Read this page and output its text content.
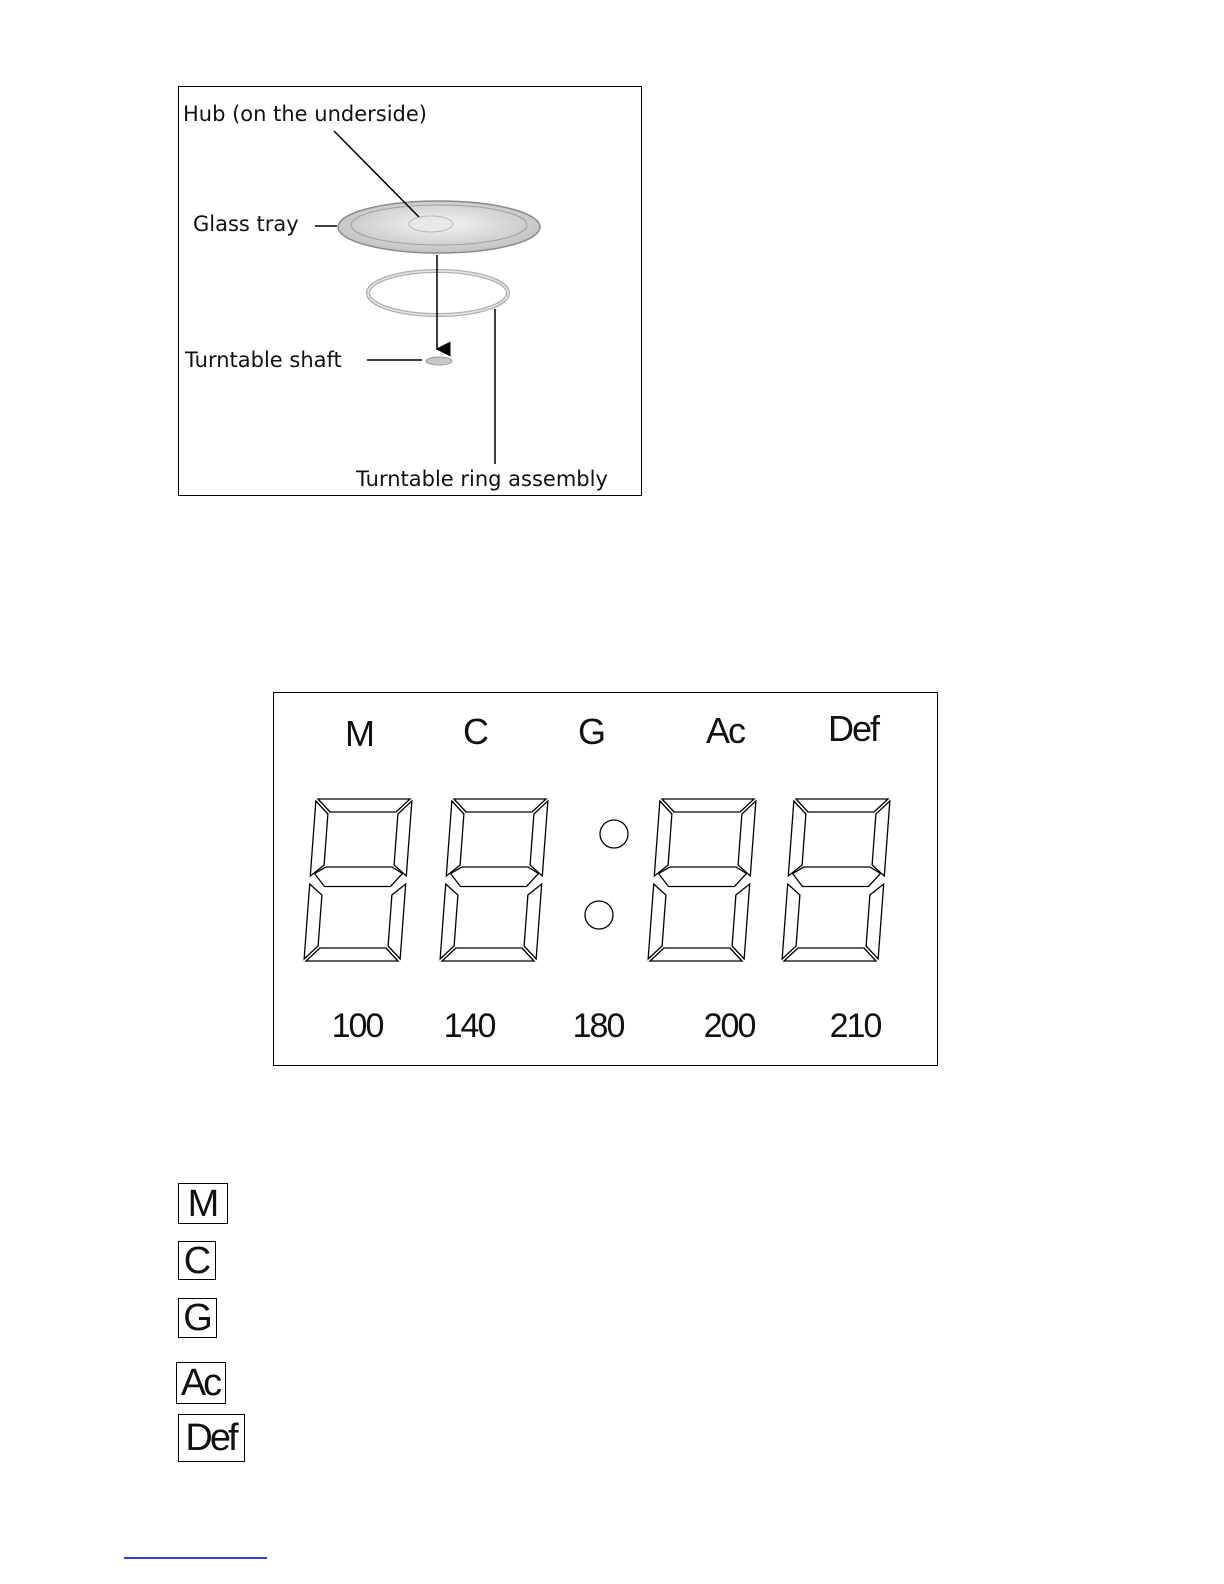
Hub (on the underside)
Glass tray
Turntable shaft
Turntable ring assembly
M	C	G	Ac Def
100 140 180 200 210
M
C
G
Ac
Def
